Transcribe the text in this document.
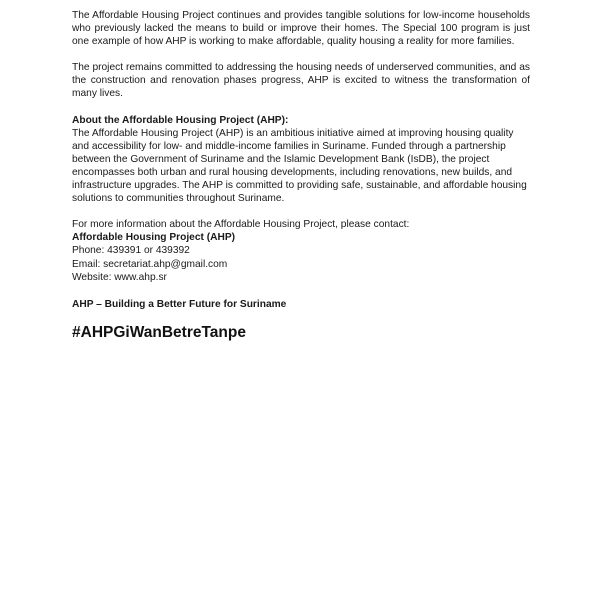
The Affordable Housing Project continues and provides tangible solutions for low-income households who previously lacked the means to build or improve their homes. The Special 100 program is just one example of how AHP is working to make affordable, quality housing a reality for more families.

The project remains committed to addressing the housing needs of underserved communities, and as the construction and renovation phases progress, AHP is excited to witness the transformation of many lives.

About the Affordable Housing Project (AHP):
The Affordable Housing Project (AHP) is an ambitious initiative aimed at improving housing quality and accessibility for low- and middle-income families in Suriname. Funded through a partnership between the Government of Suriname and the Islamic Development Bank (IsDB), the project encompasses both urban and rural housing developments, including renovations, new builds, and infrastructure upgrades. The AHP is committed to providing safe, sustainable, and affordable housing solutions to communities throughout Suriname.
For more information about the Affordable Housing Project, please contact:
Affordable Housing Project (AHP)
Phone: 439391 or 439392
Email: secretariat.ahp@gmail.com
Website: www.ahp.sr

AHP – Building a Better Future for Suriname

#AHPGiWanBetreTanpe
